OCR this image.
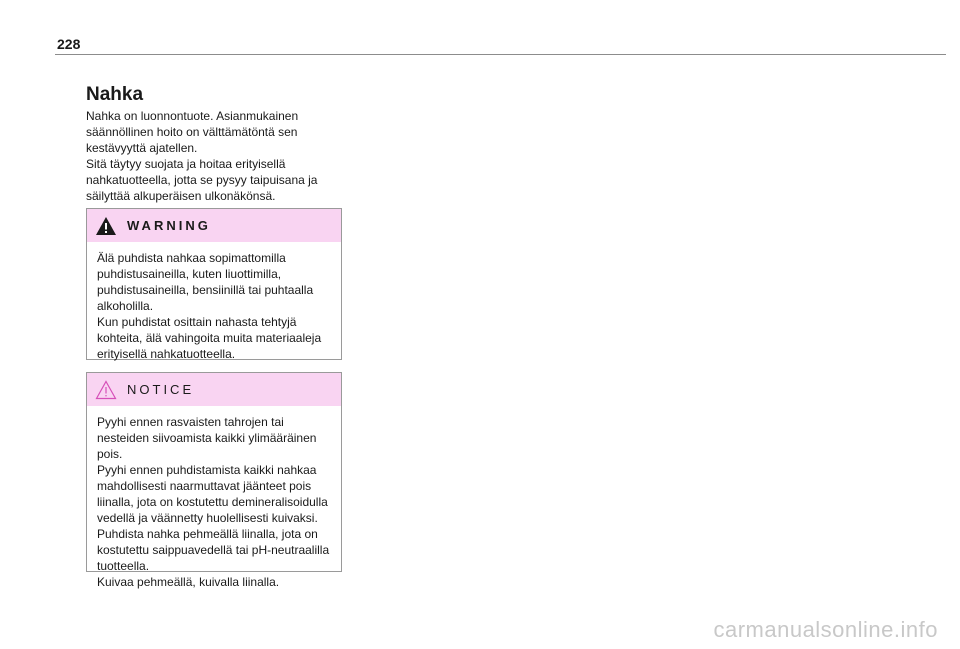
228
Nahka

Nahka on luonnontuote. Asianmukainen säännöllinen hoito on välttämätöntä sen kestävyyttä ajatellen.

Sitä täytyy suojata ja hoitaa erityisellä nahkatuotteella, jotta se pysyy taipuisana ja säilyttää alkuperäisen ulkonäkönsä.

WARNING

Älä puhdista nahkaa sopimattomilla puhdistusaineilla, kuten liuottimilla, puhdistusaineilla, bensiinillä tai puhtaalla alkoholilla.

Kun puhdistat osittain nahasta tehtyjä kohteita, älä vahingoita muita materiaaleja erityisellä nahkatuotteella.

NOTICE

Pyyhi ennen rasvaisten tahrojen tai nesteiden siivoamista kaikki ylimääräinen pois.

Pyyhi ennen puhdistamista kaikki nahkaa mahdollisesti naarmuttavat jäänteet pois liinalla, jota on kostutettu demineralisoidulla vedellä ja väännetty huolellisesti kuivaksi.

Puhdista nahka pehmeällä liinalla, jota on kostutettu saippuavedellä tai pH-neutraalilla tuotteella.

Kuivaa pehmeällä, kuivalla liinalla.

carmanualsonline.info
